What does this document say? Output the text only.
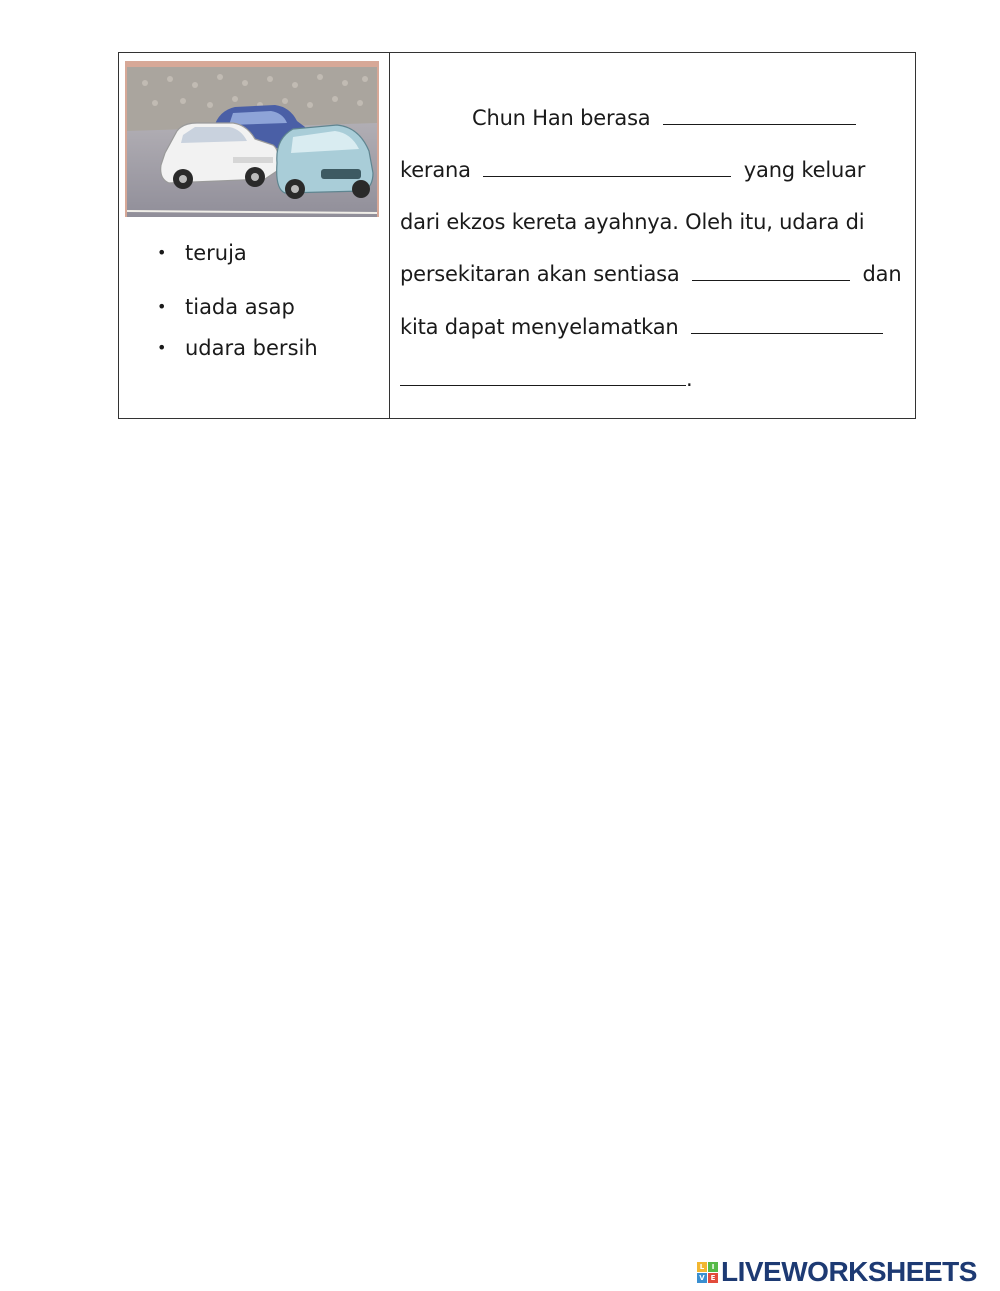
• teruja
• tiada asap
• udara bersih
Chun Han berasa
kerana	yang keluar
dari ekzos kereta ayahnya. Oleh itu, udara di
persekitaran akan sentiasa	dan
kita dapat menyelamatkan
.
L	I
V E LIVEWORKSHEETS
